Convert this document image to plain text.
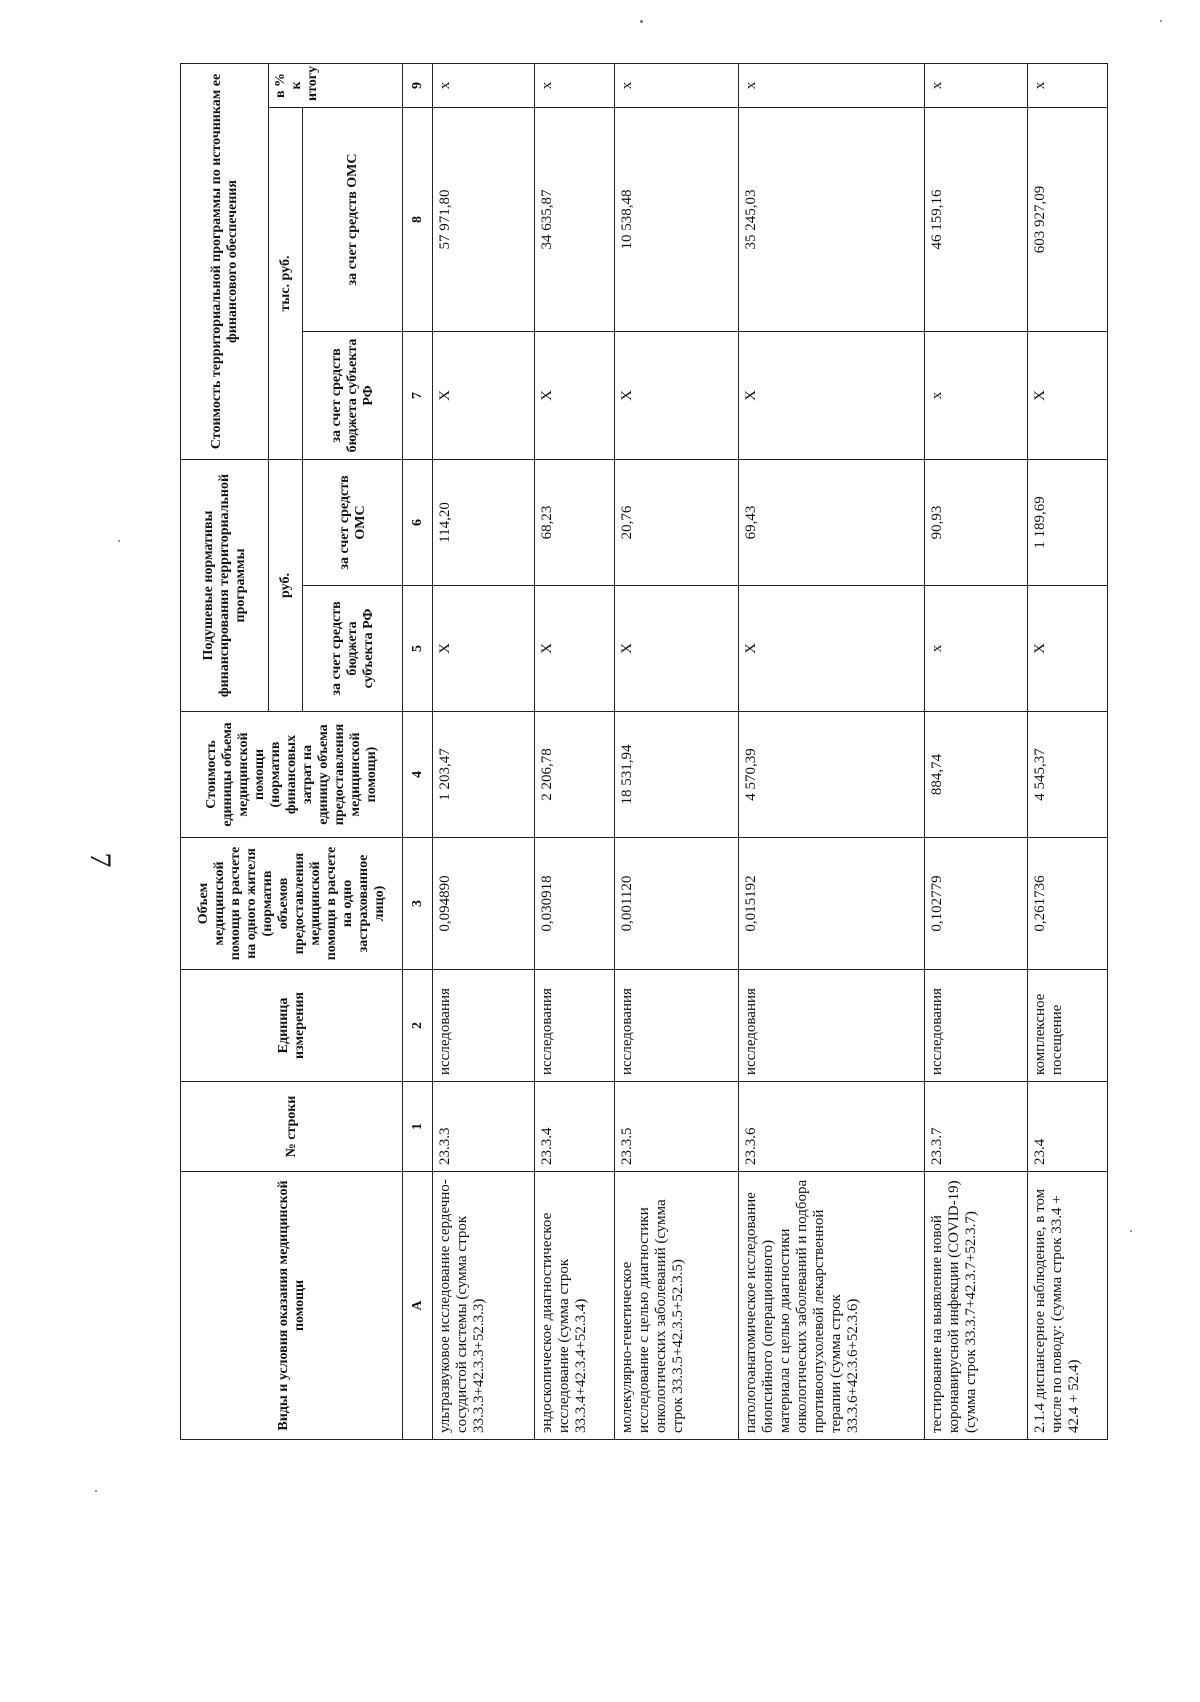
7
Виды и условия оказания медицинской помощи	№ строки	Единица измерения	Объем медицинской помощи в расчете на одного жителя (норматив объемов предоставления медицинской помощи в расчете на одно застрахованное лицо)	Стоимость единицы объема медицинской помощи (норматив финансовых затрат на единицу объема предоставления медицинской помощи)	Подушевые нормативы финансирования территориальной программы		Стоимость территориальной программы по источникам ее финансового обеспечения		
					руб.		тыс. руб.		в % к итогу
					за счет средств бюджета субъекта РФ	за счет средств ОМС	за счет средств бюджета субъекта РФ	за счет средств ОМС	
А	1	2	3	4	5	6	7	8	9
ультразвуковое исследование сердечно-сосудистой системы (сумма строк 33.3.3+42.3.3+52.3.3)	23.3.3	исследования	0,094890	1 203,47	X	114,20	X	57 971,80	x
эндоскопическое диагностическое исследование (сумма строк 33.3.4+42.3.4+52.3.4)	23.3.4	исследования	0,030918	2 206,78	X	68,23	X	34 635,87	x
молекулярно-генетическое исследование с целью диагностики онкологических заболеваний (сумма строк 33.3.5+42.3.5+52.3.5)	23.3.5	исследования	0,001120	18 531,94	X	20,76	X	10 538,48	x
патологоанатомическое исследование биопсийного (операционного) материала с целью диагностики онкологических заболеваний и подбора противоопухолевой лекарственной терапии (сумма строк 33.3.6+42.3.6+52.3.6)	23.3.6	исследования	0,015192	4 570,39	X	69,43	X	35 245,03	x
тестирование на выявление новой коронавирусной инфекции (COVID-19) (сумма строк 33.3.7+42.3.7+52.3.7)	23.3.7	исследования	0,102779	884,74	x	90,93	x	46 159,16	x
2.1.4 диспансерное наблюдение, в том числе по поводу: (сумма строк 33.4 + 42.4 + 52.4)	23.4	комплексное посещение	0,261736	4 545,37	X	1 189,69	X	603 927,09	x
